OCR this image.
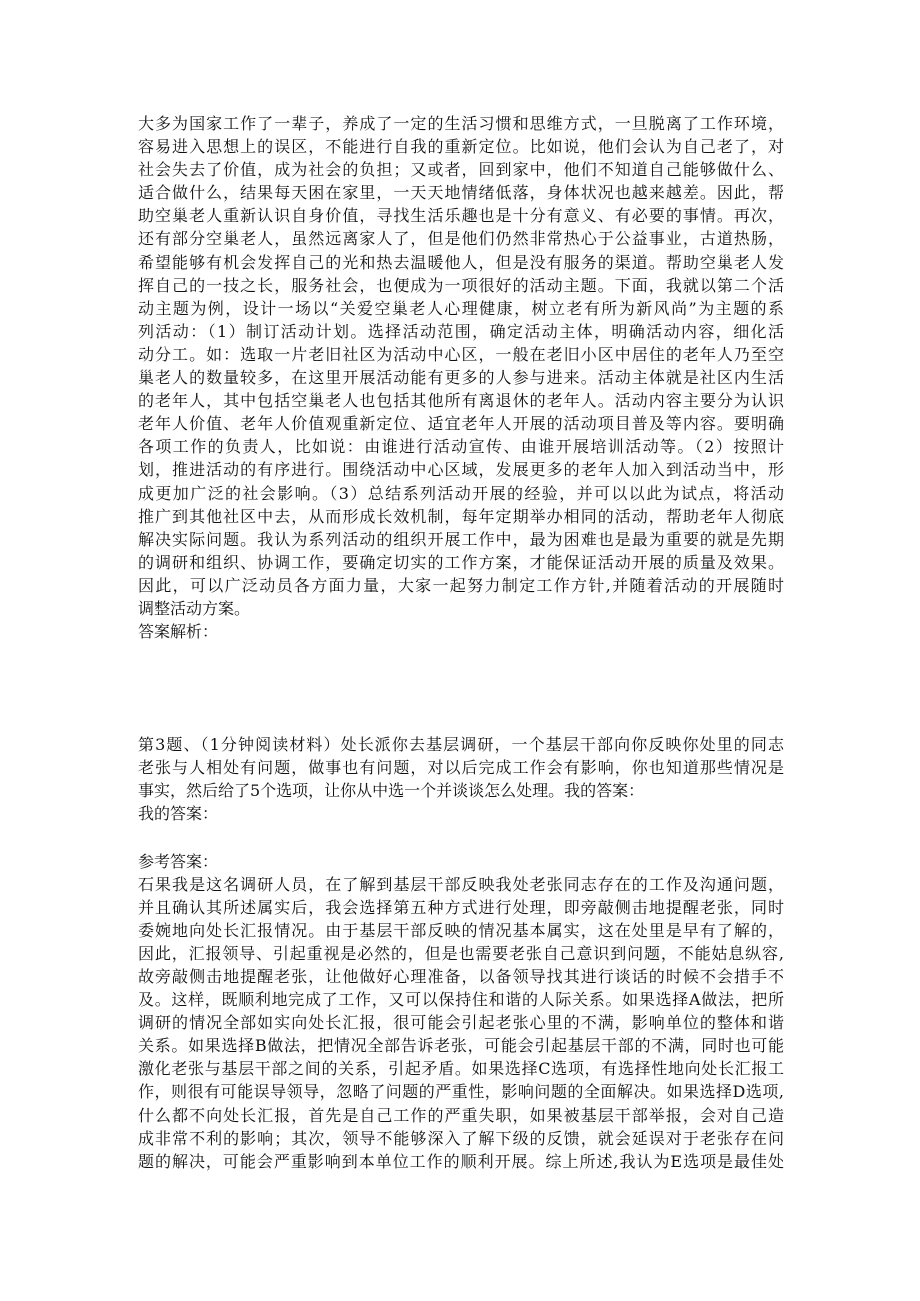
大多为国家工作了一辈子，养成了一定的生活习惯和思维方式，一旦脱离了工作环境，
容易进入思想上的误区，不能进行自我的重新定位。比如说，他们会认为自己老了，对
社会失去了价值，成为社会的负担；又或者，回到家中，他们不知道自己能够做什么、
适合做什么，结果每天困在家里，一天天地情绪低落，身体状况也越来越差。因此，帮
助空巢老人重新认识自身价值，寻找生活乐趣也是十分有意义、有必要的事情。再次，
还有部分空巢老人，虽然远离家人了，但是他们仍然非常热心于公益事业，古道热肠，
希望能够有机会发挥自己的光和热去温暖他人，但是没有服务的渠道。帮助空巢老人发
挥自己的一技之长，服务社会，也便成为一项很好的活动主题。下面，我就以第二个活
动主题为例，设计一场以“关爱空巢老人心理健康，树立老有所为新风尚”为主题的系
列活动：（1）制订活动计划。选择活动范围，确定活动主体，明确活动内容，细化活
动分工。如：选取一片老旧社区为活动中心区，一般在老旧小区中居住的老年人乃至空
巢老人的数量较多，在这里开展活动能有更多的人参与进来。活动主体就是社区内生活
的老年人，其中包括空巢老人也包括其他所有离退休的老年人。活动内容主要分为认识
老年人价值、老年人价值观重新定位、适宜老年人开展的活动项目普及等内容。要明确
各项工作的负责人，比如说：由谁进行活动宣传、由谁开展培训活动等。（2）按照计
划，推进活动的有序进行。围绕活动中心区域，发展更多的老年人加入到活动当中，形
成更加广泛的社会影响。（3）总结系列活动开展的经验，并可以以此为试点，将活动
推广到其他社区中去，从而形成长效机制，每年定期举办相同的活动，帮助老年人彻底
解决实际问题。我认为系列活动的组织开展工作中，最为困难也是最为重要的就是先期
的调研和组织、协调工作，要确定切实的工作方案，才能保证活动开展的质量及效果。
因此，可以广泛动员各方面力量，大家一起努力制定工作方针,并随着活动的开展随时
调整活动方案。
答案解析：
第3题、（1分钟阅读材料）处长派你去基层调研，一个基层干部向你反映你处里的同志
老张与人相处有问题，做事也有问题，对以后完成工作会有影响，你也知道那些情况是
事实，然后给了5个选项，让你从中选一个并谈谈怎么处理。我的答案：
我的答案：
参考答案：
石果我是这名调研人员，在了解到基层干部反映我处老张同志存在的工作及沟通问题，
并且确认其所述属实后，我会选择第五种方式进行处理，即旁敲侧击地提醒老张，同时
委婉地向处长汇报情况。由于基层干部反映的情况基本属实，这在处里是早有了解的，
因此，汇报领导、引起重视是必然的，但是也需要老张自己意识到问题，不能姑息纵容,
故旁敲侧击地提醒老张，让他做好心理准备，以备领导找其进行谈话的时候不会措手不
及。这样，既顺利地完成了工作，又可以保持住和谐的人际关系。如果选择A做法，把所
调研的情况全部如实向处长汇报，很可能会引起老张心里的不满，影响单位的整体和谐
关系。如果选择B做法，把情况全部告诉老张，可能会引起基层干部的不满，同时也可能
激化老张与基层干部之间的关系，引起矛盾。如果选择C选项，有选择性地向处长汇报工
作，则很有可能误导领导，忽略了问题的严重性，影响问题的全面解决。如果选择D选项,
什么都不向处长汇报，首先是自己工作的严重失职，如果被基层干部举报，会对自己造
成非常不利的影响；其次，领导不能够深入了解下级的反馈，就会延误对于老张存在问
题的解决，可能会严重影响到本单位工作的顺利开展。综上所述,我认为E选项是最佳处
